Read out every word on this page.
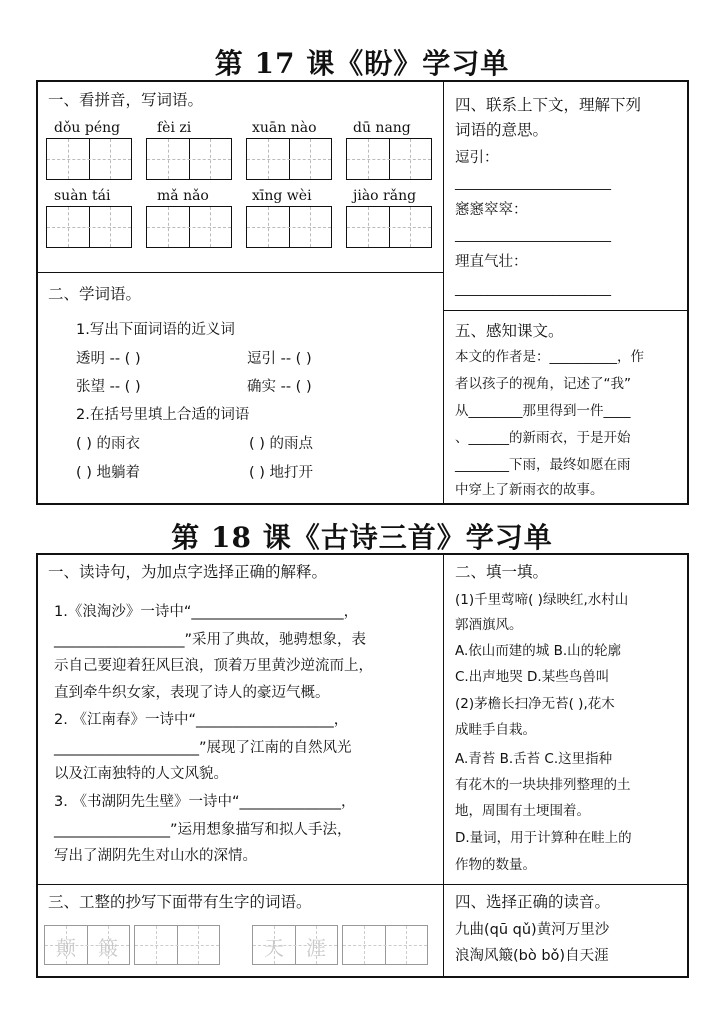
第 17 课《盼》学习单
一、看拼音，写词语。
dǒu péng	fèi zi	xuān nào	dū nang
suàn tái	mǎ nǎo	xīng wèi	jiào rǎng
二、学词语。
1.写出下面词语的近义词
透明 -- ( )	逗引 -- ( )
张望 -- ( )	确实 -- ( )
2.在括号里填上合适的词语
( ) 的雨衣	( ) 的雨点
( ) 地躺着	( ) 地打开
四、联系上下文，理解下列
词语的意思。
逗引：
________________________
窸窸窣窣：
________________________
理直气壮：
________________________
五、感知课文。
本文的作者是：__________，作
者以孩子的视角，记述了“我”
从________那里得到一件____
、______的新雨衣，于是开始
________下雨，最终如愿在雨
中穿上了新雨衣的故事。
第 18 课《古诗三首》学习单
一、读诗句，为加点字选择正确的解释。
1.《浪淘沙》一诗中“_____________________，
__________________”采用了典故，驰骋想象，表
示自己要迎着狂风巨浪，顶着万里黄沙逆流而上，
直到牵牛织女家，表现了诗人的豪迈气概。
2. 《江南春》一诗中“___________________，
____________________”展现了江南的自然风光
以及江南独特的人文风貌。
3. 《书湖阴先生壁》一诗中“______________，
________________”运用想象描写和拟人手法，
写出了湖阴先生对山水的深情。
二、填一填。
(1)千里莺啼( )绿映红,水村山
郭酒旗风。
A.依山而建的城 B.山的轮廓
C.出声地哭 D.某些鸟兽叫
(2)茅檐长扫净无苔( ),花木
成畦手自栽。
A.青苔 B.舌苔 C.这里指种
有花木的一块块排列整理的土
地，周围有土埂围着。
D.量词，用于计算种在畦上的
作物的数量。
三、工整的抄写下面带有生字的词语。
颠	簸	天	涯
四、选择正确的读音。
九曲(qū qǔ)黄河万里沙
浪淘风簸(bò bǒ)自天涯
